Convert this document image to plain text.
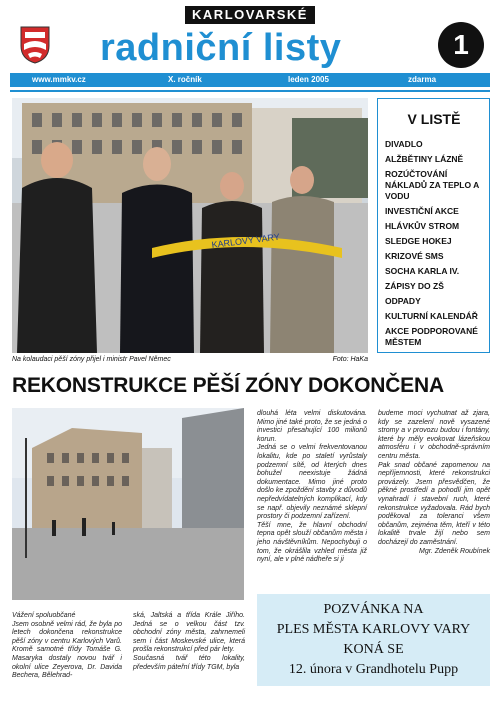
KARLOVARSKÉ
radniční listy	1
www.mmkv.cz	X. ročník	leden 2005	zdarma
KARLOVY VARY
Na kolaudaci pěší zóny přijel i ministr Pavel Němec	Foto: HaKa
V LISTĚ
DIVADLO
ALŽBĚTINY LÁZNĚ
ROZÚČTOVÁNÍ NÁKLADŮ ZA TEPLO A VODU
INVESTIČNÍ AKCE
HLÁVKŮV STROM
SLEDGE HOKEJ
KRIZOVÉ SMS
SOCHA KARLA IV.
ZÁPISY DO ZŠ
ODPADY
KULTURNÍ KALENDÁŘ
AKCE PODPOROVANÉ MĚSTEM
REKONSTRUKCE PĚŠÍ ZÓNY DOKONČENA

dlouhá léta velmi diskutována. Mimo jiné také proto, že se jedná o investici přesahující 100 milionů korun.
Jedná se o velmi frekventovanou lokalitu, kde po staletí vyrůstaly podzemní sítě, od kterých dnes bohužel neexistuje žádná dokumentace. Mimo jiné proto došlo ke zpoždění stavby z důvodů nepředvídatelných komplikací, kdy se např. objevily neznámé sklepní prostory či podzemní zařízení.
Těší mne, že hlavní obchodní tepna opět slouží občanům města i jeho návštěvníkům. Nepochybuji o tom, že okrášlila vzhled města již nyní, ale v plné nádheře si ji

budeme moci vychutnat až zjara, kdy se zazelení nově vysazené stromy a v provozu budou i fontány, které by měly evokovat lázeňskou atmosféru i v obchodně-správním centru města.
Pak snad občané zapomenou na nepříjemnosti, které rekonstrukci provázely. Jsem přesvědčen, že pěkné prostředí a pohodlí jim opět vynahradí i stavební ruch, které rekonstrukce vyžadovala. Rád bych poděkoval za toleranci všem občanům, zejména těm, kteří v této lokalitě trvale žijí nebo sem docházejí do zaměstnání.

Mgr. Zdeněk Roubínek

Vážení spoluobčané
Jsem osobně velmi rád, že byla po letech dokončena rekonstrukce pěší zóny v centru Karlových Varů. Kromě samotné třídy Tomáše G. Masaryka dostaly novou tvář i okolní ulice Zeyerova, Dr. Davida Bechera, Bělehrad-

ská, Jaltská a třída Krále Jiřího. Jedná se o velkou část tzv. obchodní zóny města, zahrnemeli sem i část Moskevské ulice, která prošla rekonstrukcí před pár lety.
Současná tvář této lokality, především páteřní třídy TGM, byla

POZVÁNKA NA
PLES MĚSTA KARLOVY VARY
KONÁ SE
12. února v Grandhotelu Pupp
